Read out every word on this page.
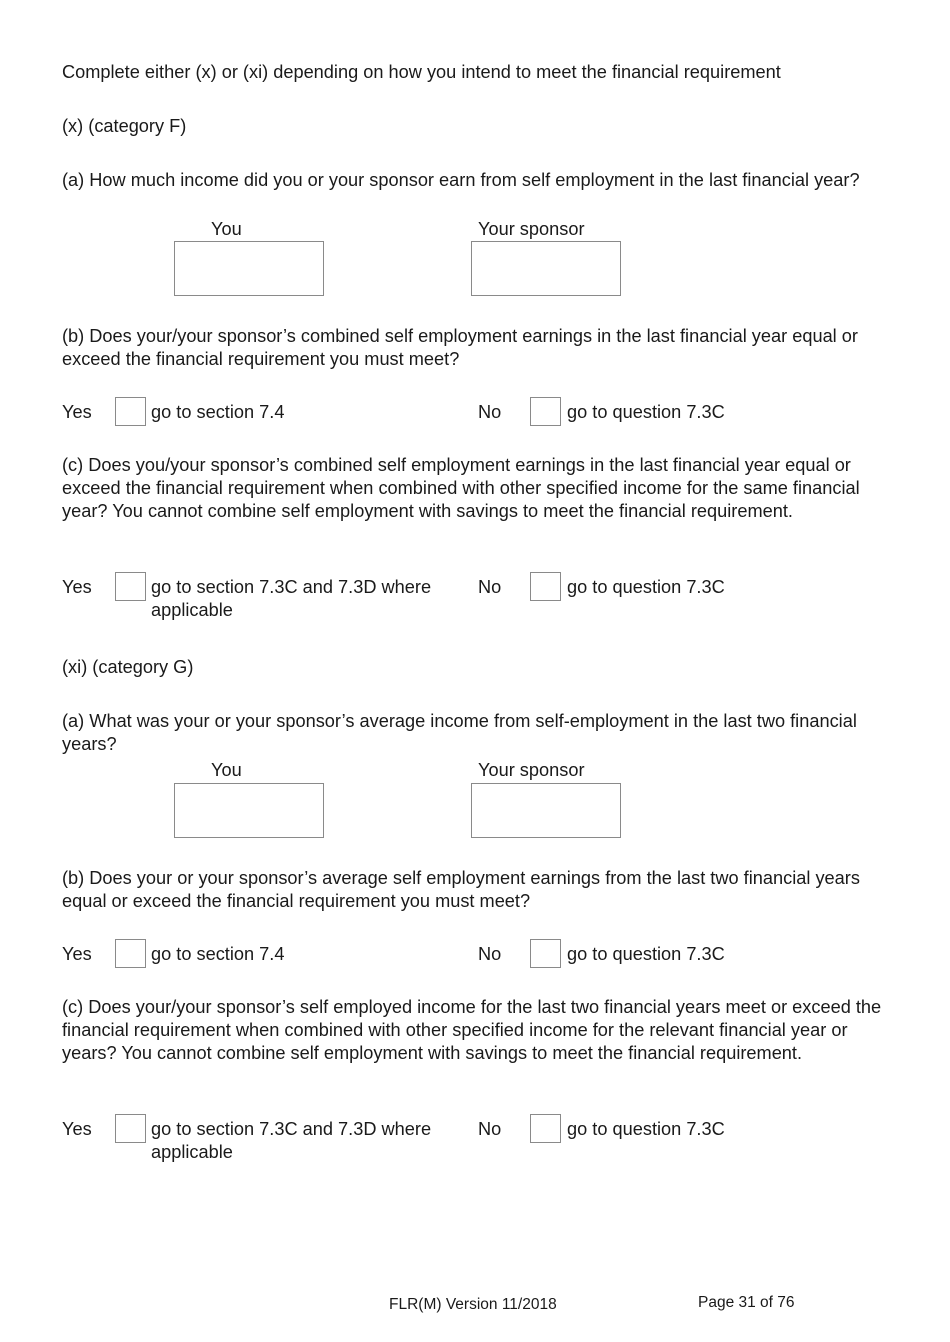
Complete either (x) or (xi) depending on how you intend to meet the financial requirement

(x) (category F)

(a) How much income did you or your sponsor earn from self employment in the last financial year?

You	Your sponsor

(b) Does your/your sponsor’s combined self employment earnings in the last financial year equal or exceed the financial requirement you must meet?

Yes	go to section 7.4	No	go to question 7.3C

(c) Does you/your sponsor’s combined self employment earnings in the last financial year equal or exceed the financial requirement when combined with other specified income for the same financial year? You cannot combine self employment with savings to meet the financial requirement.

Yes	go to section 7.3C and 7.3D where applicable
No	go to question 7.3C

(xi) (category G)

(a) What was your or your sponsor’s average income from self-employment in the last two financial years?

You	Your sponsor

(b) Does your or your sponsor’s average self employment earnings from the last two financial years equal or exceed the financial requirement you must meet?

Yes	go to section 7.4	No	go to question 7.3C

(c) Does your/your sponsor’s self employed income for the last two financial years meet or exceed the financial requirement when combined with other specified income for the relevant financial year or years? You cannot combine self employment with savings to meet the financial requirement.

Yes	go to section 7.3C and 7.3D where applicable
No	go to question 7.3C
FLR(M) Version 11/2018	Page 31 of 76
